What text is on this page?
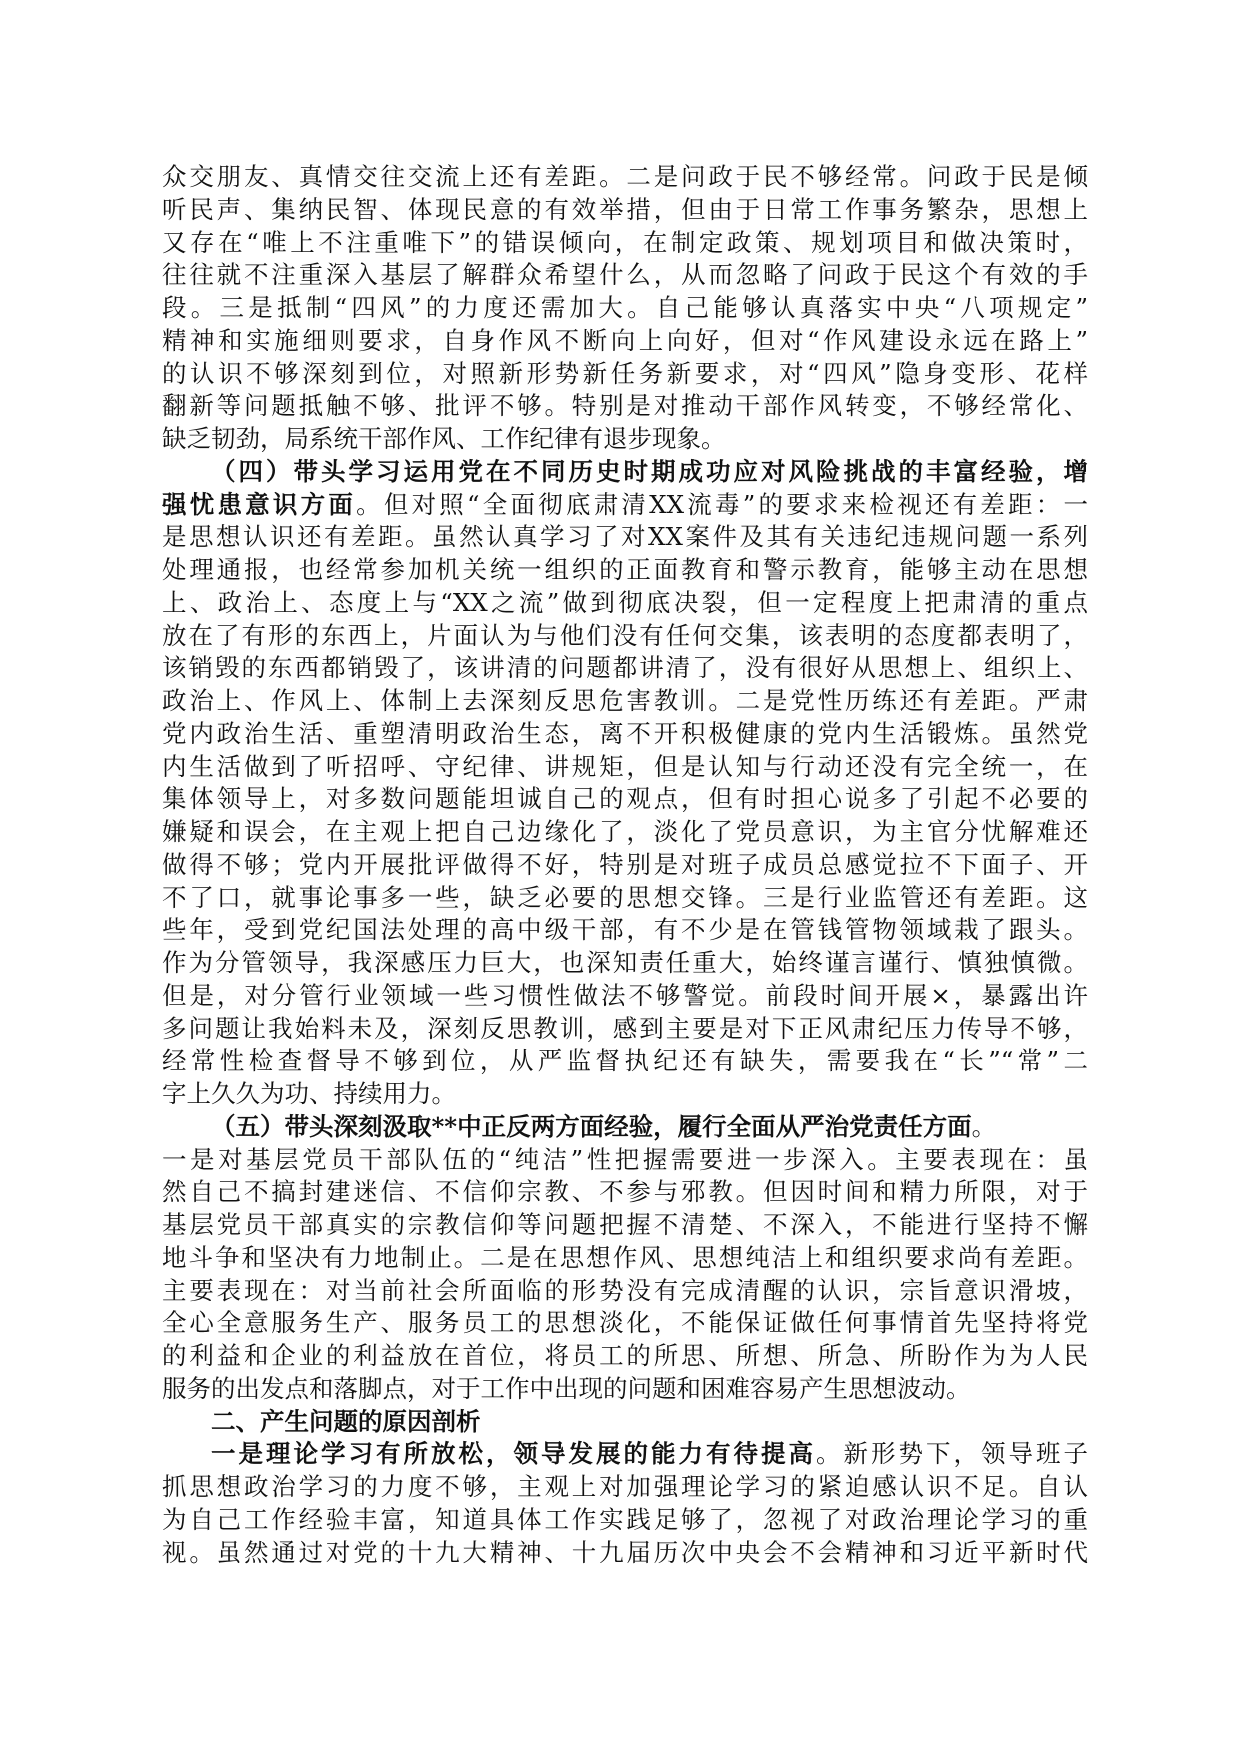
众交朋友、真情交往交流上还有差距。二是问政于民不够经常。问政于民是倾
听民声、集纳民智、体现民意的有效举措，但由于日常工作事务繁杂，思想上
又存在“唯上不注重唯下”的错误倾向，在制定政策、规划项目和做决策时，
往往就不注重深入基层了解群众希望什么，从而忽略了问政于民这个有效的手
段。三是抵制“四风”的力度还需加大。自己能够认真落实中央“八项规定”
精神和实施细则要求，自身作风不断向上向好，但对“作风建设永远在路上”
的认识不够深刻到位，对照新形势新任务新要求，对“四风”隐身变形、花样
翻新等问题抵触不够、批评不够。特别是对推动干部作风转变，不够经常化、
缺乏韧劲，局系统干部作风、工作纪律有退步现象。
（四）带头学习运用党在不同历史时期成功应对风险挑战的丰富经验，增
强忧患意识方面。但对照“全面彻底肃清XX流毒”的要求来检视还有差距：一
是思想认识还有差距。虽然认真学习了对XX案件及其有关违纪违规问题一系列
处理通报，也经常参加机关统一组织的正面教育和警示教育，能够主动在思想
上、政治上、态度上与“XX之流”做到彻底决裂，但一定程度上把肃清的重点
放在了有形的东西上，片面认为与他们没有任何交集，该表明的态度都表明了，
该销毁的东西都销毁了，该讲清的问题都讲清了，没有很好从思想上、组织上、
政治上、作风上、体制上去深刻反思危害教训。二是党性历练还有差距。严肃
党内政治生活、重塑清明政治生态，离不开积极健康的党内生活锻炼。虽然党
内生活做到了听招呼、守纪律、讲规矩，但是认知与行动还没有完全统一，在
集体领导上，对多数问题能坦诚自己的观点，但有时担心说多了引起不必要的
嫌疑和误会，在主观上把自己边缘化了，淡化了党员意识，为主官分忧解难还
做得不够；党内开展批评做得不好，特别是对班子成员总感觉拉不下面子、开
不了口，就事论事多一些，缺乏必要的思想交锋。三是行业监管还有差距。这
些年，受到党纪国法处理的高中级干部，有不少是在管钱管物领域栽了跟头。
作为分管领导，我深感压力巨大，也深知责任重大，始终谨言谨行、慎独慎微。
但是，对分管行业领域一些习惯性做法不够警觉。前段时间开展×，暴露出许
多问题让我始料未及，深刻反思教训，感到主要是对下正风肃纪压力传导不够，
经常性检查督导不够到位，从严监督执纪还有缺失，需要我在“长”“常”二
字上久久为功、持续用力。
（五）带头深刻汲取**中正反两方面经验，履行全面从严治党责任方面。
一是对基层党员干部队伍的“纯洁”性把握需要进一步深入。主要表现在：虽
然自己不搞封建迷信、不信仰宗教、不参与邪教。但因时间和精力所限，对于
基层党员干部真实的宗教信仰等问题把握不清楚、不深入，不能进行坚持不懈
地斗争和坚决有力地制止。二是在思想作风、思想纯洁上和组织要求尚有差距。
主要表现在：对当前社会所面临的形势没有完成清醒的认识，宗旨意识滑坡，
全心全意服务生产、服务员工的思想淡化，不能保证做任何事情首先坚持将党
的利益和企业的利益放在首位，将员工的所思、所想、所急、所盼作为为人民
服务的出发点和落脚点，对于工作中出现的问题和困难容易产生思想波动。
二、产生问题的原因剖析
一是理论学习有所放松，领导发展的能力有待提高。新形势下，领导班子
抓思想政治学习的力度不够，主观上对加强理论学习的紧迫感认识不足。自认
为自己工作经验丰富，知道具体工作实践足够了，忽视了对政治理论学习的重
视。虽然通过对党的十九大精神、十九届历次中央会不会精神和习近平新时代
